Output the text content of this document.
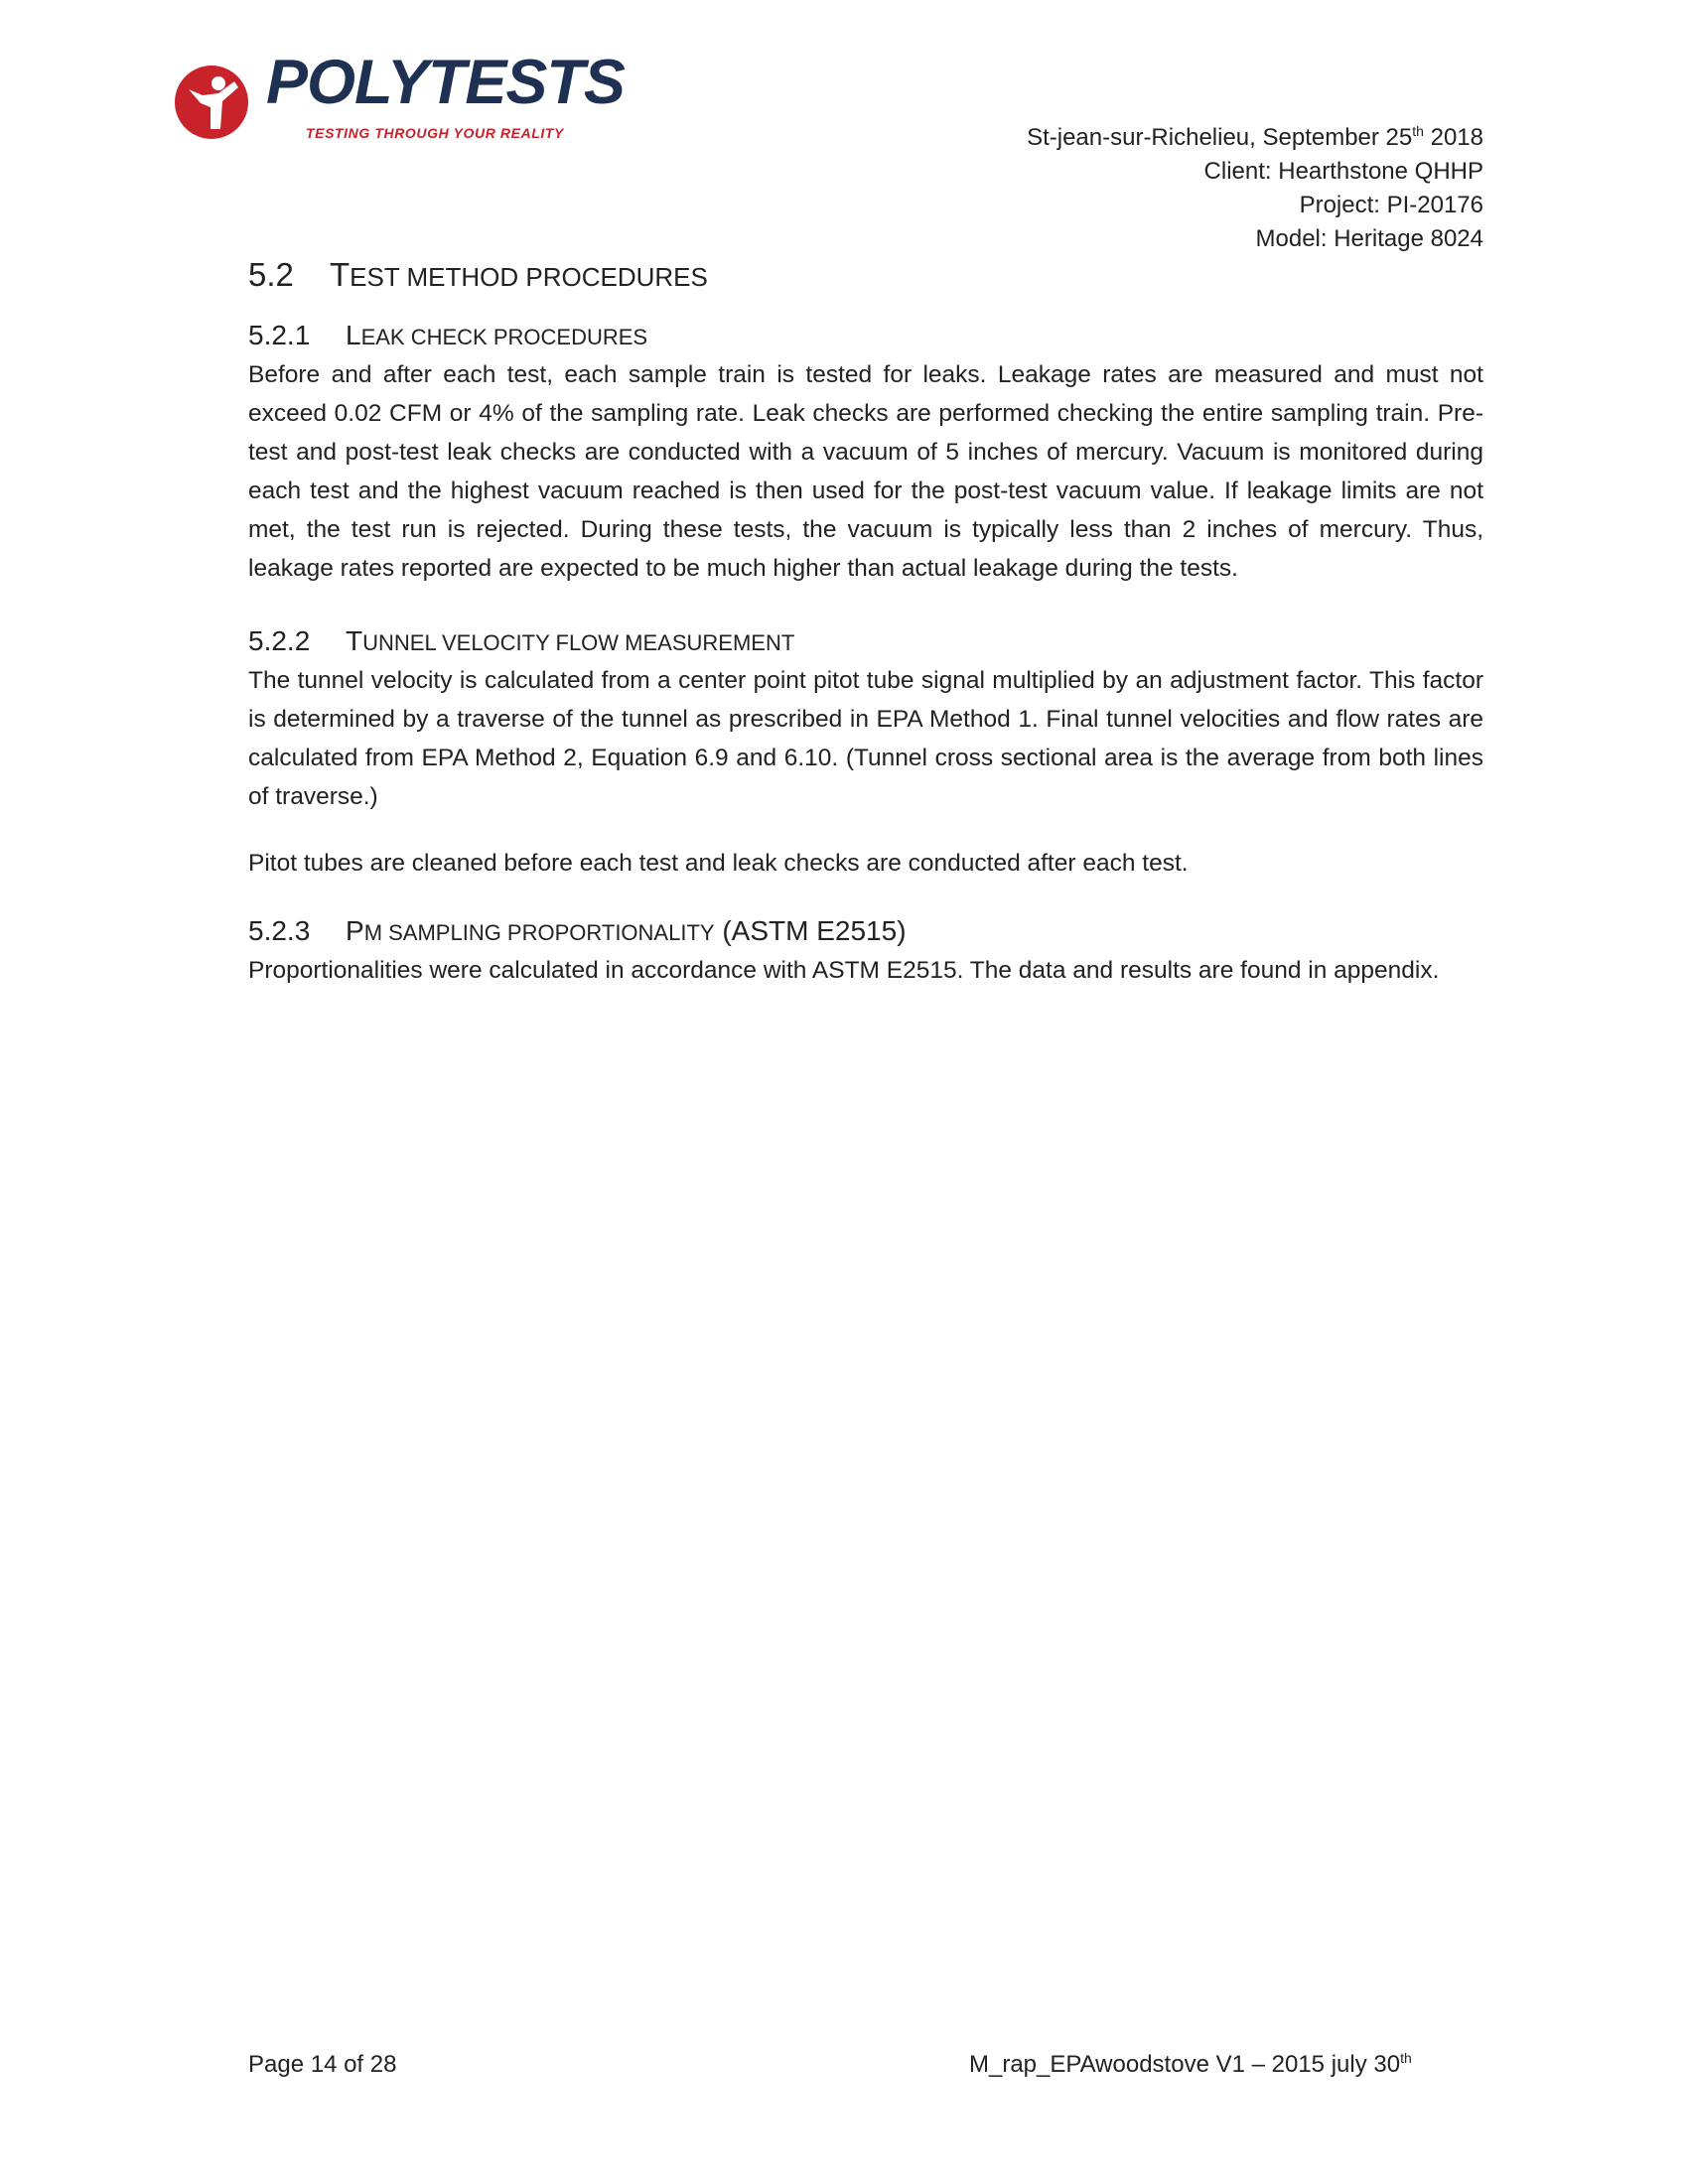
POLYTESTS
TESTING THROUGH YOUR REALITY	St-jean-sur-Richelieu, September 25th 2018
Client: Hearthstone QHHP
Project: PI-20176
Model: Heritage 8024
5.2 TEST METHOD PROCEDURES
5.2.1 LEAK CHECK PROCEDURES
Before and after each test, each sample train is tested for leaks. Leakage rates are measured and must not exceed 0.02 CFM or 4% of the sampling rate. Leak checks are performed checking the entire sampling train. Pre-test and post-test leak checks are conducted with a vacuum of 5 inches of mercury. Vacuum is monitored during each test and the highest vacuum reached is then used for the post-test vacuum value. If leakage limits are not met, the test run is rejected. During these tests, the vacuum is typically less than 2 inches of mercury. Thus, leakage rates reported are expected to be much higher than actual leakage during the tests.
5.2.2 TUNNEL VELOCITY FLOW MEASUREMENT
The tunnel velocity is calculated from a center point pitot tube signal multiplied by an adjustment factor. This factor is determined by a traverse of the tunnel as prescribed in EPA Method 1. Final tunnel velocities and flow rates are calculated from EPA Method 2, Equation 6.9 and 6.10. (Tunnel cross sectional area is the average from both lines of traverse.)
Pitot tubes are cleaned before each test and leak checks are conducted after each test.
5.2.3 PM SAMPLING PROPORTIONALITY (ASTM E2515)
Proportionalities were calculated in accordance with ASTM E2515. The data and results are found in appendix.
Page 14 of 28	M_rap_EPAwoodstove V1 – 2015 july 30th
